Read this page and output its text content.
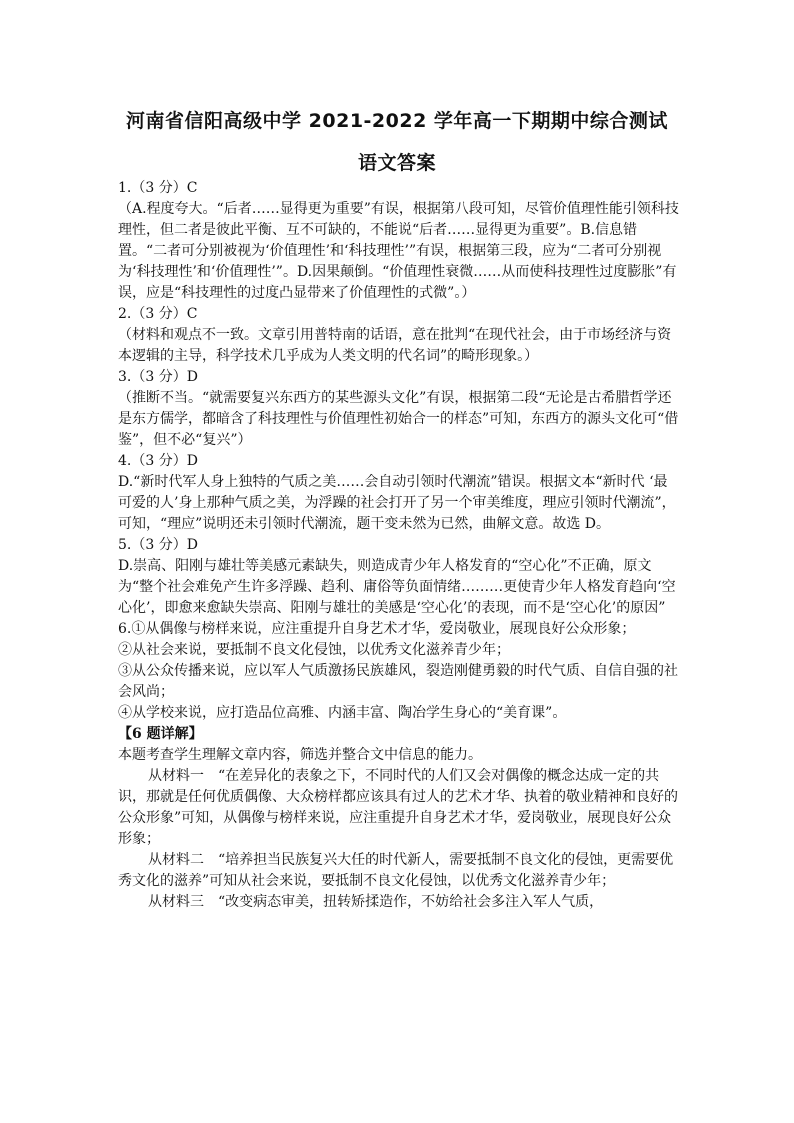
河南省信阳高级中学 2021-2022 学年高一下期期中综合测试
语文答案

1.（3 分）C

（A.程度夸大。“后者……显得更为重要”有误，根据第八段可知，尽管价值理性能引领科技理性，但二者是彼此平衡、互不可缺的，不能说“后者……显得更为重要”。B.信息错置。“二者可分别被视为‘价值理性’和‘科技理性’”有误，根据第三段，应为“二者可分别视为‘科技理性’和‘价值理性’”。D.因果颠倒。“价值理性衰微……从而使科技理性过度膨胀”有误，应是“科技理性的过度凸显带来了价值理性的式微”。）

2.（3 分）C

（材料和观点不一致。文章引用普特南的话语，意在批判“在现代社会，由于市场经济与资本逻辑的主导，科学技术几乎成为人类文明的代名词”的畸形现象。）

3.（3 分）D

（推断不当。“就需要复兴东西方的某些源头文化”有误，根据第二段“无论是古希腊哲学还是东方儒学，都暗含了科技理性与价值理性初始合一的样态”可知，东西方的源头文化可“借鉴”，但不必“复兴”）

4.（3 分）D

D.“新时代军人身上独特的气质之美……会自动引领时代潮流”错误。根据文本“新时代 ‘最可爱的人’身上那种气质之美，为浮躁的社会打开了另一个审美维度，理应引领时代潮流”，可知，“理应”说明还未引领时代潮流，题干变未然为已然，曲解文意。故选 D。

5.（3 分）D

D.崇高、阳刚与雄壮等美感元素缺失，则造成青少年人格发育的“空心化”不正确，原文为“整个社会难免产生许多浮躁、趋利、庸俗等负面情绪………更使青少年人格发育趋向‘空心化’，即愈来愈缺失崇高、阳刚与雄壮的美感是‘空心化’的表现，而不是‘空心化’的原因”

6.①从偶像与榜样来说，应注重提升自身艺术才华，爱岗敬业，展现良好公众形象；

②从社会来说，要抵制不良文化侵蚀，以优秀文化滋养青少年；

③从公众传播来说，应以军人气质激扬民族雄风，裂造刚健勇毅的时代气质、自信自强的社会风尚；

④从学校来说，应打造品位高雅、内涵丰富、陶冶学生身心的“美育课”。

【6 题详解】

本题考查学生理解文章内容，筛选并整合文中信息的能力。

从材料一　“在差异化的表象之下，不同时代的人们又会对偶像的概念达成一定的共识，那就是任何优质偶像、大众榜样都应该具有过人的艺术才华、执着的敬业精神和良好的公众形象”可知，从偶像与榜样来说，应注重提升自身艺术才华，爱岗敬业，展现良好公众形象；

从材料二　“培养担当民族复兴大任的时代新人，需要抵制不良文化的侵蚀，更需要优秀文化的滋养”可知从社会来说，要抵制不良文化侵蚀，以优秀文化滋养青少年；

从材料三　“改变病态审美，扭转矫揉造作，不妨给社会多注入军人气质，
